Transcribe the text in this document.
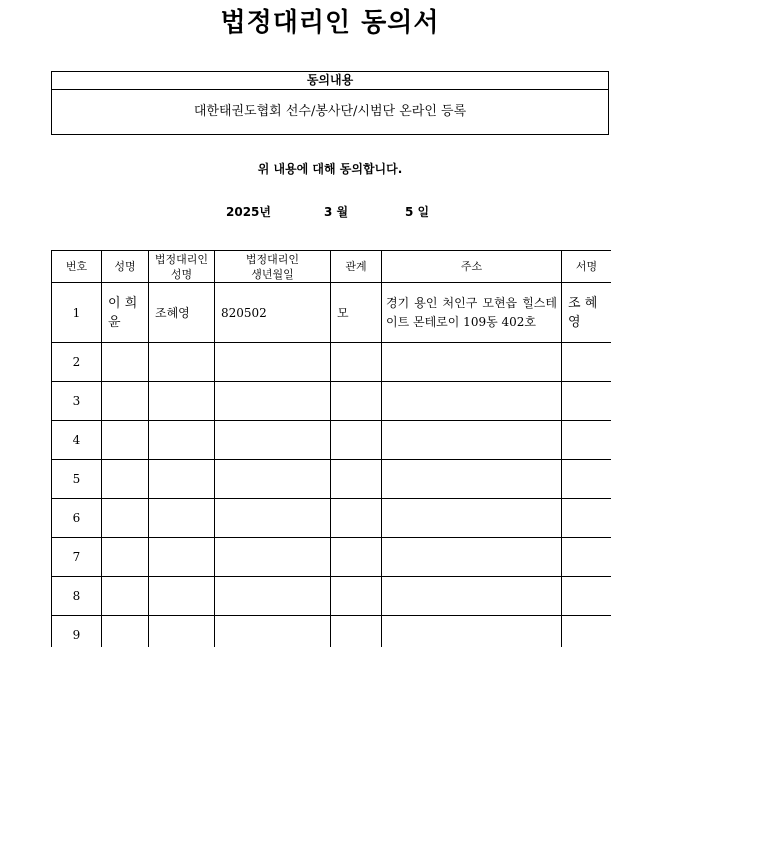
법정대리인 동의서
동의내용
대한태권도협회 선수/봉사단/시범단 온라인 등록
위 내용에 대해 동의합니다.
2025년	3 월	5 일
번호	성명	법정대리인 성명	법정대리인 생년월일	관계	주소	서명
1	이 희 윤	조혜영	820502	모	경기 용인 처인구 모현읍 힐스테이트 몬테로이 109동 402호	조 혜 영
2						
3						
4						
5						
6						
7						
8						
9						
